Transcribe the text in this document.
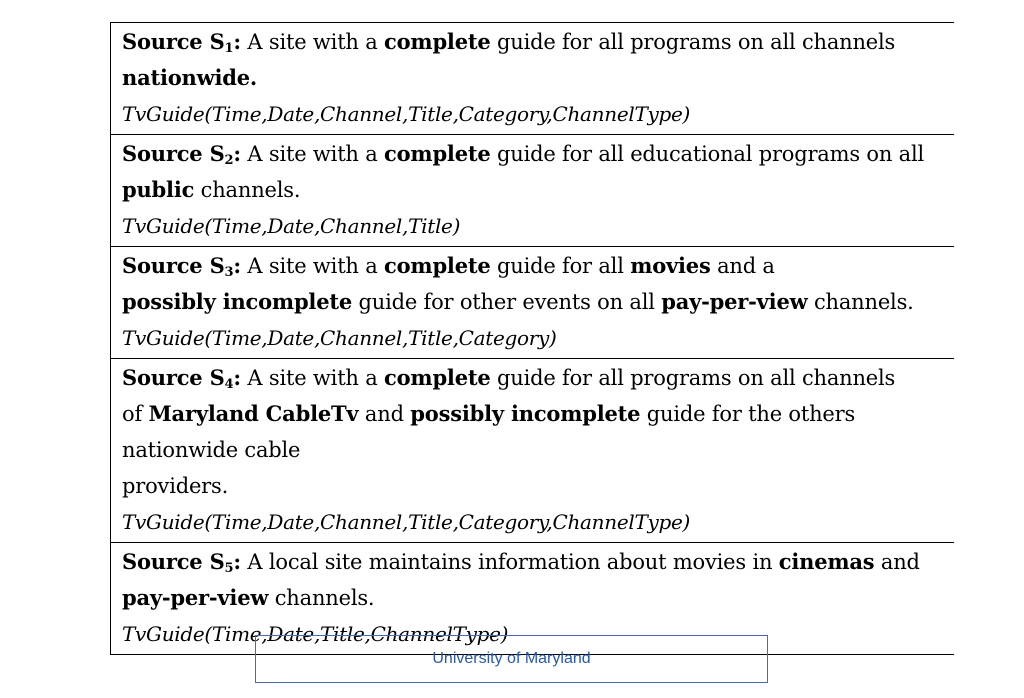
Source $S_1$: A site with a complete guide for all programs on all channels
nationwide.
TvGuide(Time,Date,Channel,Title,Category,ChannelType)
Source $S_2$: A site with a complete guide for all educational programs on all
public channels.
TvGuide(Time,Date,Channel,Title)
Source $S_3$: A site with a complete guide for all movies and a
possibly incomplete guide for other events on all pay-per-view channels.
TvGuide(Time,Date,Channel,Title,Category)
Source $S_4$: A site with a complete guide for all programs on all channels
of Maryland CableTv and possibly incomplete guide for the others nationwide cable
providers.
TvGuide(Time,Date,Channel,Title,Category,ChannelType)
Source $S_5$: A local site maintains information about movies in cinemas and
pay-per-view channels.
TvGuide(Time,Date,Title,ChannelType)
University of Maryland
